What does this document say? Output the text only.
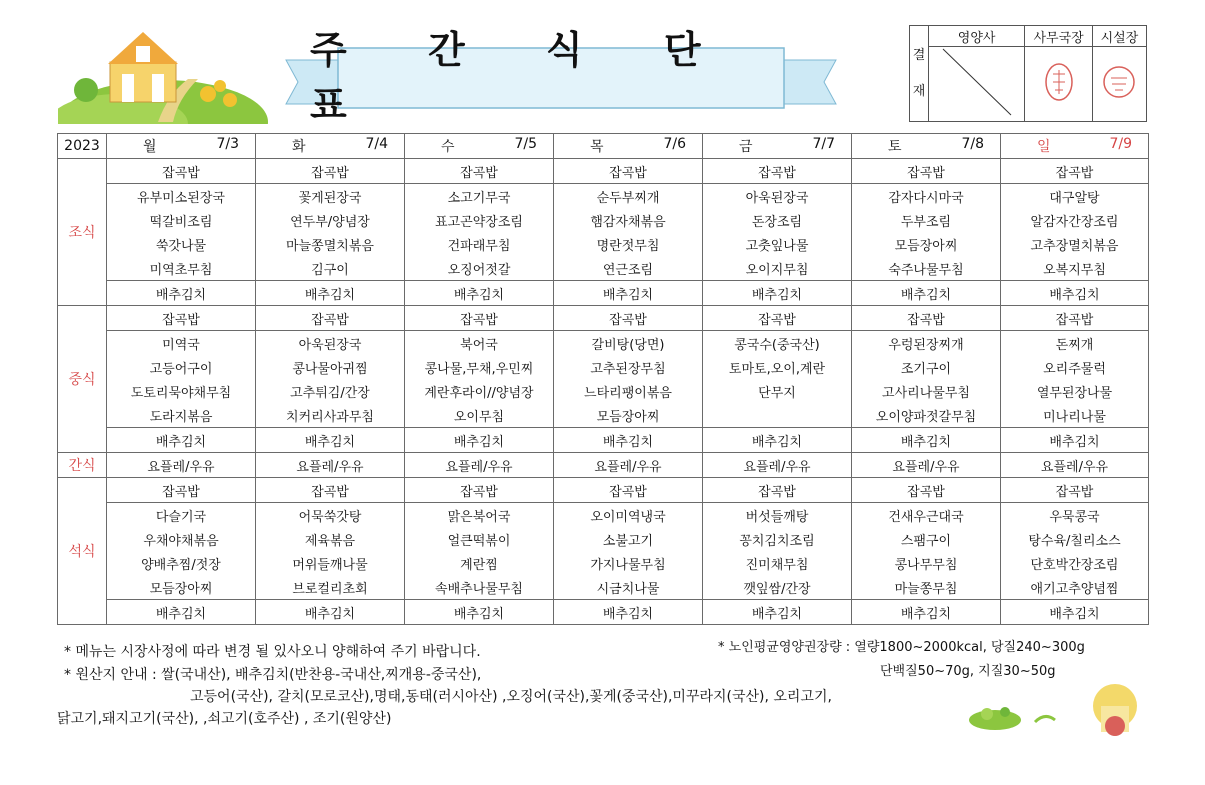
주 간 식 단 표
결

재	영양사	사무국장	시설장

2023	월 7/3	화 7/4	수 7/5	목 7/6	금 7/7	토 7/8	일 7/9

조식	잡곡밥	잡곡밥	잡곡밥	잡곡밥	잡곡밥	잡곡밥	잡곡밥
	유부미소된장국	꽃게된장국	소고기무국	순두부찌개	아욱된장국	감자다시마국	대구알탕
	떡갈비조림	연두부/양념장	표고곤약장조림	햄감자채볶음	돈장조림	두부조림	알감자간장조림
	쑥갓나물	마늘쫑멸치볶음	건파래무침	명란젓무침	고춧잎나물	모듬장아찌	고추장멸치볶음
	미역초무침	김구이	오징어젓갈	연근조림	오이지무침	숙주나물무침	오복지무침
	배추김치	배추김치	배추김치	배추김치	배추김치	배추김치	배추김치
중식	잡곡밥	잡곡밥	잡곡밥	잡곡밥	잡곡밥	잡곡밥	잡곡밥
	미역국	아욱된장국	북어국	갈비탕(당면)	콩국수(중국산)	우렁된장찌개	돈찌개
	고등어구이	콩나물아귀찜	콩나물,무채,우민찌	고추된장무침	토마토,오이,계란	조기구이	오리주물럭
	도토리묵야채무침	고추튀김/간장	계란후라이//양념장	느타리팽이볶음	단무지	고사리나물무침	열무된장나물
	도라지볶음	치커리사과무침	오이무침	모듬장아찌		오이양파젓갈무침	미나리나물
	배추김치	배추김치	배추김치	배추김치	배추김치	배추김치	배추김치
간식	요플레/우유	요플레/우유	요플레/우유	요플레/우유	요플레/우유	요플레/우유	요플레/우유
석식	잡곡밥	잡곡밥	잡곡밥	잡곡밥	잡곡밥	잡곡밥	잡곡밥
	다슬기국	어묵쑥갓탕	맑은북어국	오이미역냉국	버섯들깨탕	건새우근대국	우묵콩국
	우채야채볶음	제육볶음	얼큰떡볶이	소불고기	꽁치김치조림	스팸구이	탕수육/칠리소스
	양배추찜/젓장	머위들깨나물	계란찜	가지나물무침	진미채무침	콩나무무침	단호박간장조림
	모듬장아찌	브로컬리초회	속배추나물무침	시금치나물	깻잎쌈/간장	마늘쫑무침	애기고추양념찜
	배추김치	배추김치	배추김치	배추김치	배추김치	배추김치	배추김치
* 메뉴는 시장사정에 따라 변경 될 있사오니 양해하여 주기 바랍니다.
* 원산지 안내 : 쌀(국내산), 배추김치(반찬용-국내산,찌개용-중국산),
고등어(국산), 갈치(모로코산),명태,동태(러시아산) ,오징어(국산),꽃게(중국산),미꾸라지(국산), 오리고기,
닭고기,돼지고기(국산), ,쇠고기(호주산) , 조기(원양산)
* 노인평균영양권장량 : 열량1800~2000kcal, 당질240~300g
단백질50~70g, 지질30~50g
